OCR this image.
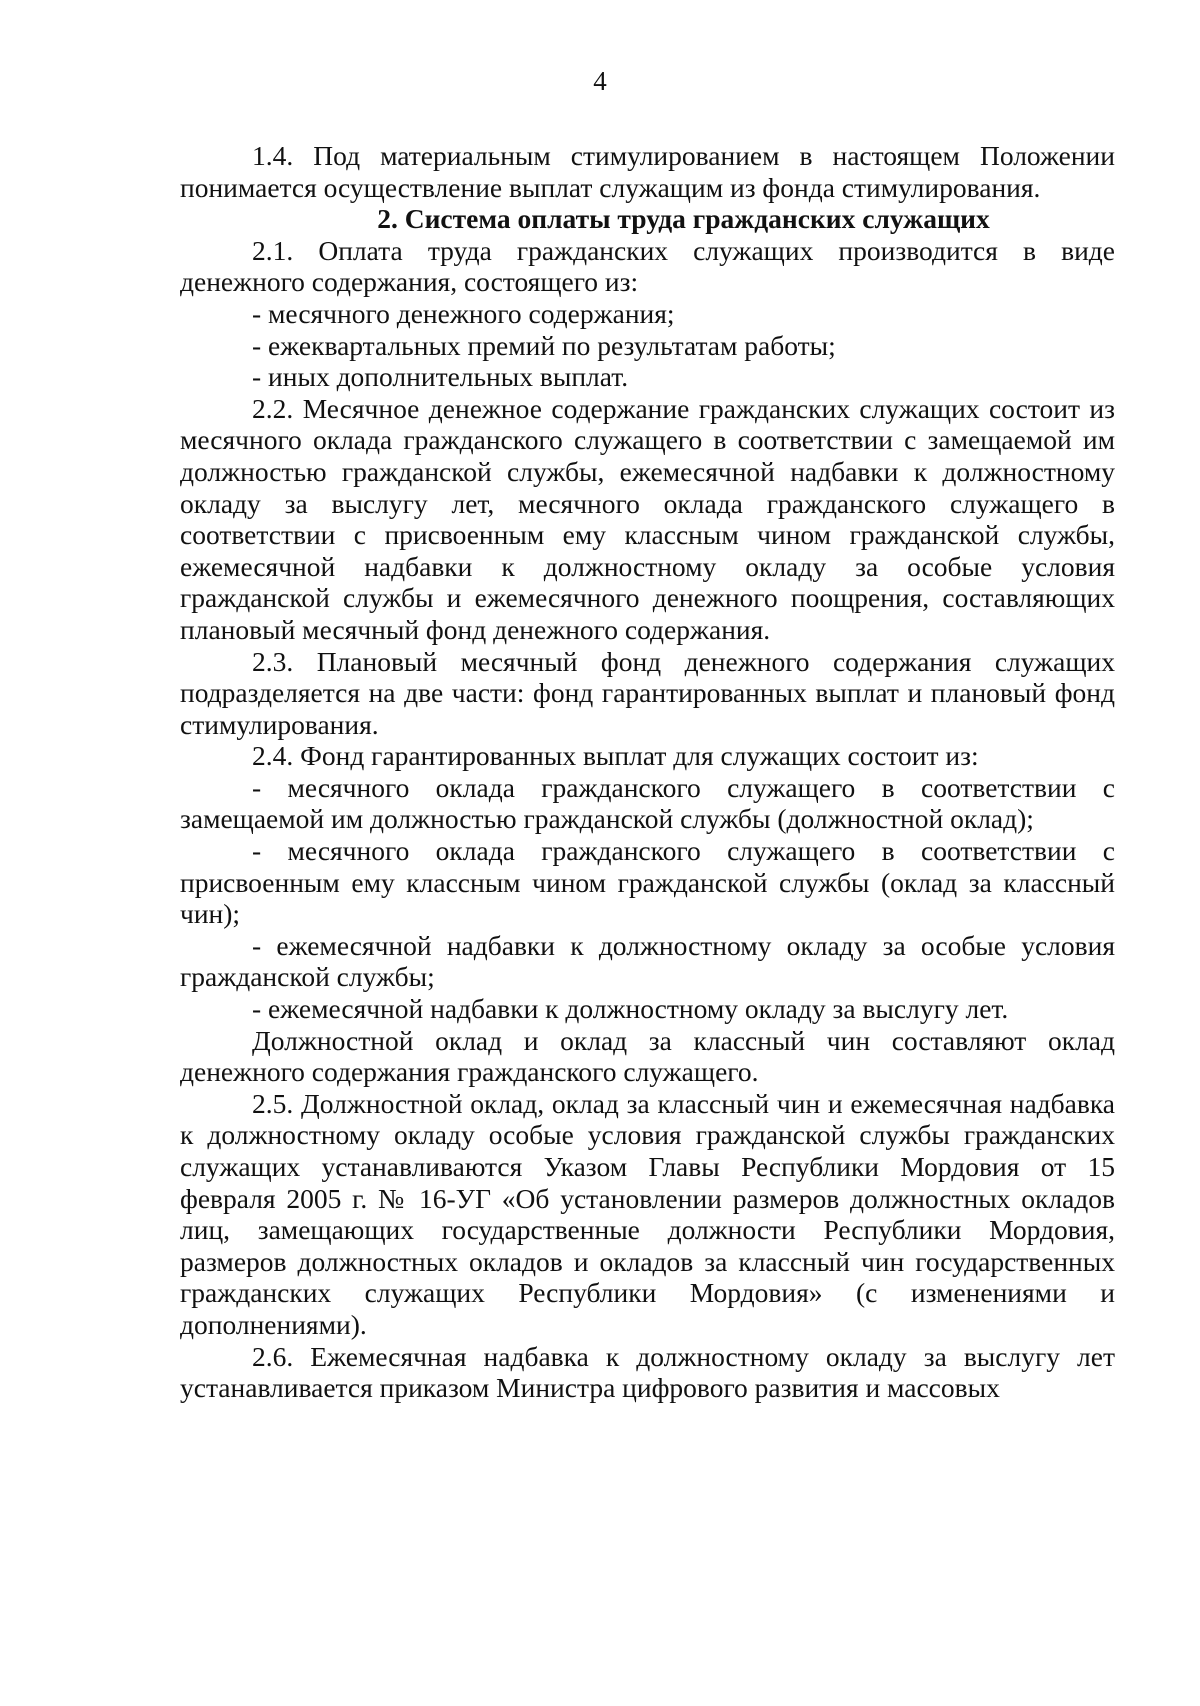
4

1.4. Под материальным стимулированием в настоящем Положении понимается осуществление выплат служащим из фонда стимулирования.

2. Система оплаты труда гражданских служащих

2.1. Оплата труда гражданских служащих производится в виде денежного содержания, состоящего из:

- месячного денежного содержания;

- ежеквартальных премий по результатам работы;

- иных дополнительных выплат.

2.2. Месячное денежное содержание гражданских служащих состоит из месячного оклада гражданского служащего в соответствии с замещаемой им должностью гражданской службы, ежемесячной надбавки к должностному окладу за выслугу лет, месячного оклада гражданского служащего в соответствии с присвоенным ему классным чином гражданской службы, ежемесячной надбавки к должностному окладу за особые условия гражданской службы и ежемесячного денежного поощрения, составляющих плановый месячный фонд денежного содержания.

2.3. Плановый месячный фонд денежного содержания служащих подразделяется на две части: фонд гарантированных выплат и плановый фонд стимулирования.

2.4. Фонд гарантированных выплат для служащих состоит из:

- месячного оклада гражданского служащего в соответствии с замещаемой им должностью гражданской службы (должностной оклад);

- месячного оклада гражданского служащего в соответствии с присвоенным ему классным чином гражданской службы (оклад за классный чин);

- ежемесячной надбавки к должностному окладу за особые условия гражданской службы;

- ежемесячной надбавки к должностному окладу за выслугу лет.

Должностной оклад и оклад за классный чин составляют оклад денежного содержания гражданского служащего.

2.5. Должностной оклад, оклад за классный чин и ежемесячная надбавка к должностному окладу особые условия гражданской службы гражданских служащих устанавливаются Указом Главы Республики Мордовия от 15 февраля 2005 г. № 16-УГ «Об установлении размеров должностных окладов лиц, замещающих государственные должности Республики Мордовия, размеров должностных окладов и окладов за классный чин государственных гражданских служащих Республики Мордовия» (с изменениями и дополнениями).

2.6. Ежемесячная надбавка к должностному окладу за выслугу лет устанавливается приказом Министра цифрового развития и массовых
